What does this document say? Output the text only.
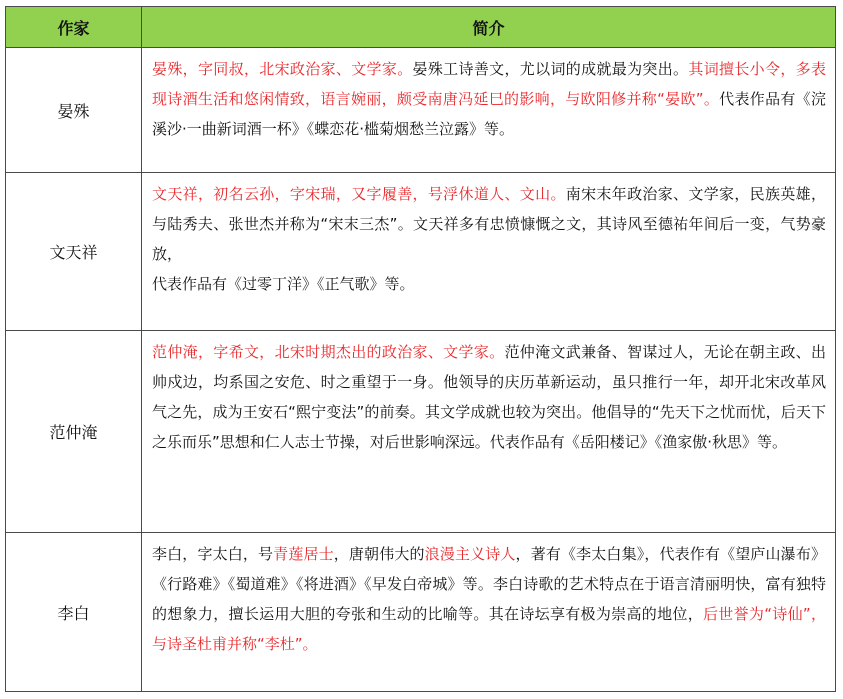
作家	简介
晏殊	晏殊，字同叔，北宋政治家、文学家。晏殊工诗善文，尤以词的成就最为突出。其词擅长小令，多表现诗酒生活和悠闲情致，语言婉丽，颇受南唐冯延巳的影响，与欧阳修并称“晏欧”。代表作品有《浣溪沙·一曲新词酒一杯》《蝶恋花·槛菊烟愁兰泣露》等。
文天祥	文天祥，初名云孙，字宋瑞，又字履善，号浮休道人、文山。南宋末年政治家、文学家，民族英雄，与陆秀夫、张世杰并称为“宋末三杰”。文天祥多有忠愤慷慨之文，其诗风至德祐年间后一变，气势豪放，
代表作品有《过零丁洋》《正气歌》等。
范仲淹	范仲淹，字希文，北宋时期杰出的政治家、文学家。范仲淹文武兼备、智谋过人，无论在朝主政、出帅戍边，均系国之安危、时之重望于一身。他领导的庆历革新运动，虽只推行一年，却开北宋改革风气之先，成为王安石“熙宁变法”的前奏。其文学成就也较为突出。他倡导的“先天下之忧而忧，后天下之乐而乐”思想和仁人志士节操，对后世影响深远。代表作品有《岳阳楼记》《渔家傲·秋思》等。
李白	李白，字太白，号青莲居士，唐朝伟大的浪漫主义诗人，著有《李太白集》，代表作有《望庐山瀑布》《行路难》《蜀道难》《将进酒》《早发白帝城》等。李白诗歌的艺术特点在于语言清丽明快，富有独特的想象力，擅长运用大胆的夸张和生动的比喻等。其在诗坛享有极为崇高的地位，后世誉为“诗仙”，与诗圣杜甫并称“李杜”。
